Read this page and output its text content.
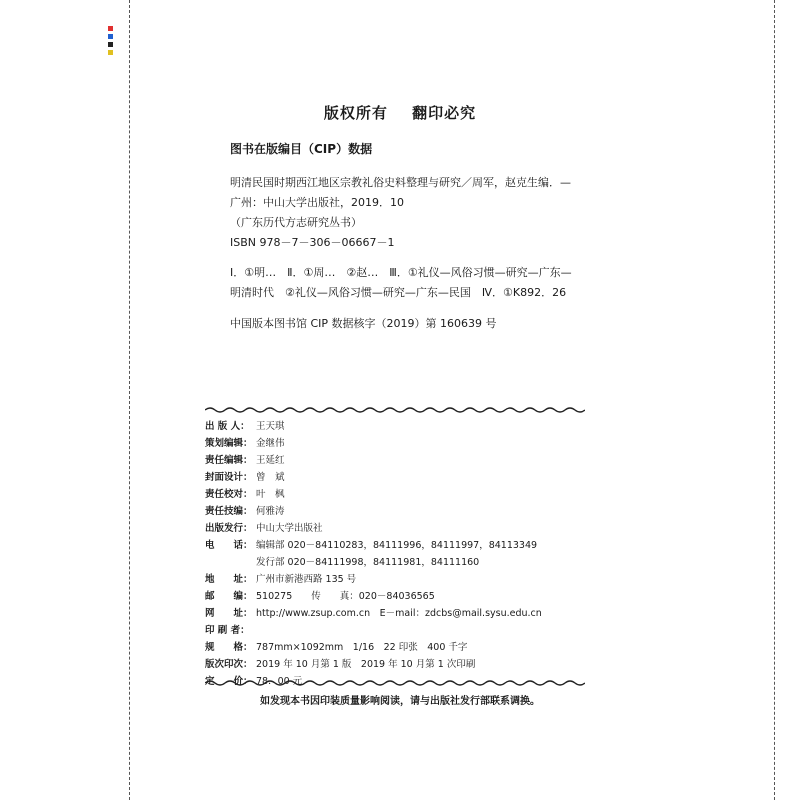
版权所有 翻印必究
图书在版编目（CIP）数据
明清民国时期西江地区宗教礼俗史料整理与研究／周军，赵克生编．—
广州：中山大学出版社，2019．10
（广东历代方志研究丛书）
ISBN 978－7－306－06667－1
Ⅰ．①明…　Ⅱ．①周…　②赵…　Ⅲ．①礼仪—风俗习惯—研究—广东—
明清时代　②礼仪—风俗习惯—研究—广东—民国　Ⅳ．①K892．26
中国版本图书馆 CIP 数据核字（2019）第 160639 号
出 版 人： 王天琪
策划编辑： 金继伟
责任编辑： 王延红
封面设计： 曾　斌
责任校对： 叶　枫
责任技编： 何雅涛
出版发行： 中山大学出版社
电　　话： 编辑部 020－84110283，84111996，84111997，84113349
发行部 020－84111998，84111981，84111160
地　　址： 广州市新港西路 135 号
邮　　编： 510275　　传　　真：020－84036565
网　　址： http://www.zsup.com.cn　E－mail：zdcbs@mail.sysu.edu.cn
印 刷 者：
规　　格： 787mm×1092mm　1/16　22 印张　400 千字
版次印次： 2019 年 10 月第 1 版　2019 年 10 月第 1 次印刷
定　　价： 78．00 元
如发现本书因印装质量影响阅读，请与出版社发行部联系调换。
